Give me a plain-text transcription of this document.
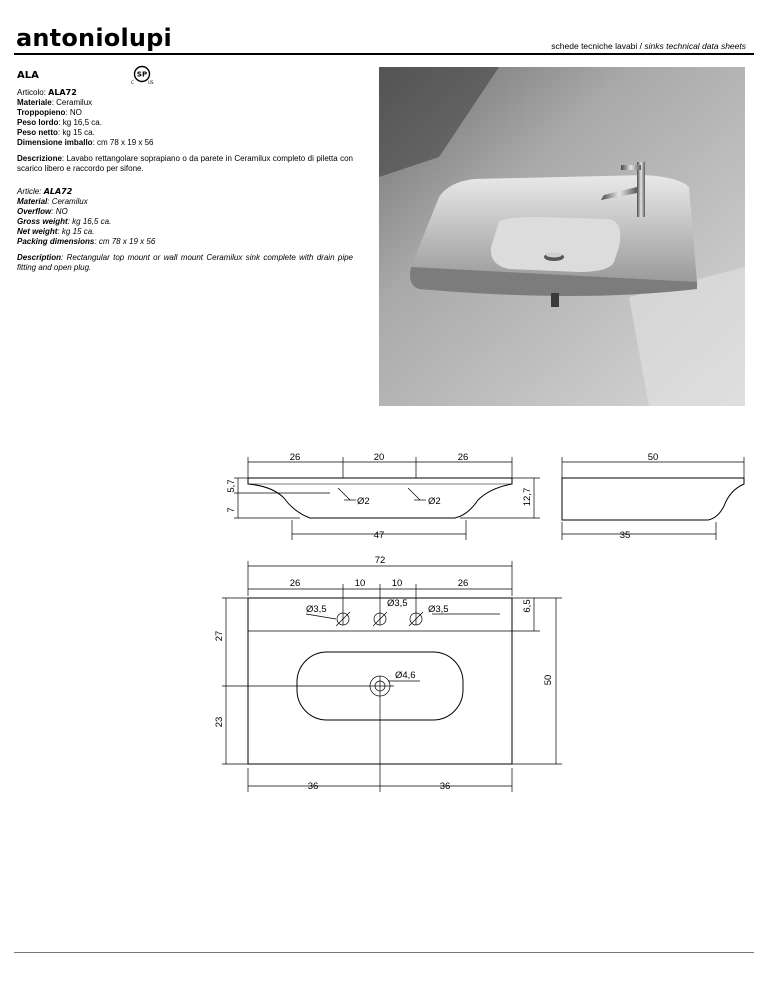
antoniolupi	schede tecniche lavabi / sinks technical data sheets
ALA	SP
C	US

Articolo: ALA72

Materiale: Ceramilux

Troppopieno: NO

Peso lordo: kg 16,5 ca.

Peso netto: kg 15 ca.

Dimensione imballo: cm 78 x 19 x 56

Descrizione: Lavabo rettangolare soprapiano o da parete in Ceramilux completo di piletta con scarico libero e raccordo per sifone.

Article: ALA72

Material: Ceramilux

Overflow: NO

Gross weight: kg 16,5 ca.

Net weight: kg 15 ca.

Packing dimensions: cm 78 x 19 x 56

Description: Rectangular top mount or wall mount Ceramilux sink complete with drain pipe fitting and open plug.

26	20	26
5,7
7
Ø2	Ø2	12,7
47
50
35
72
26	10	10	26
Ø3,5
Ø3,5
Ø3,5
Ø4,6
27
23
6,5
50
36	36
